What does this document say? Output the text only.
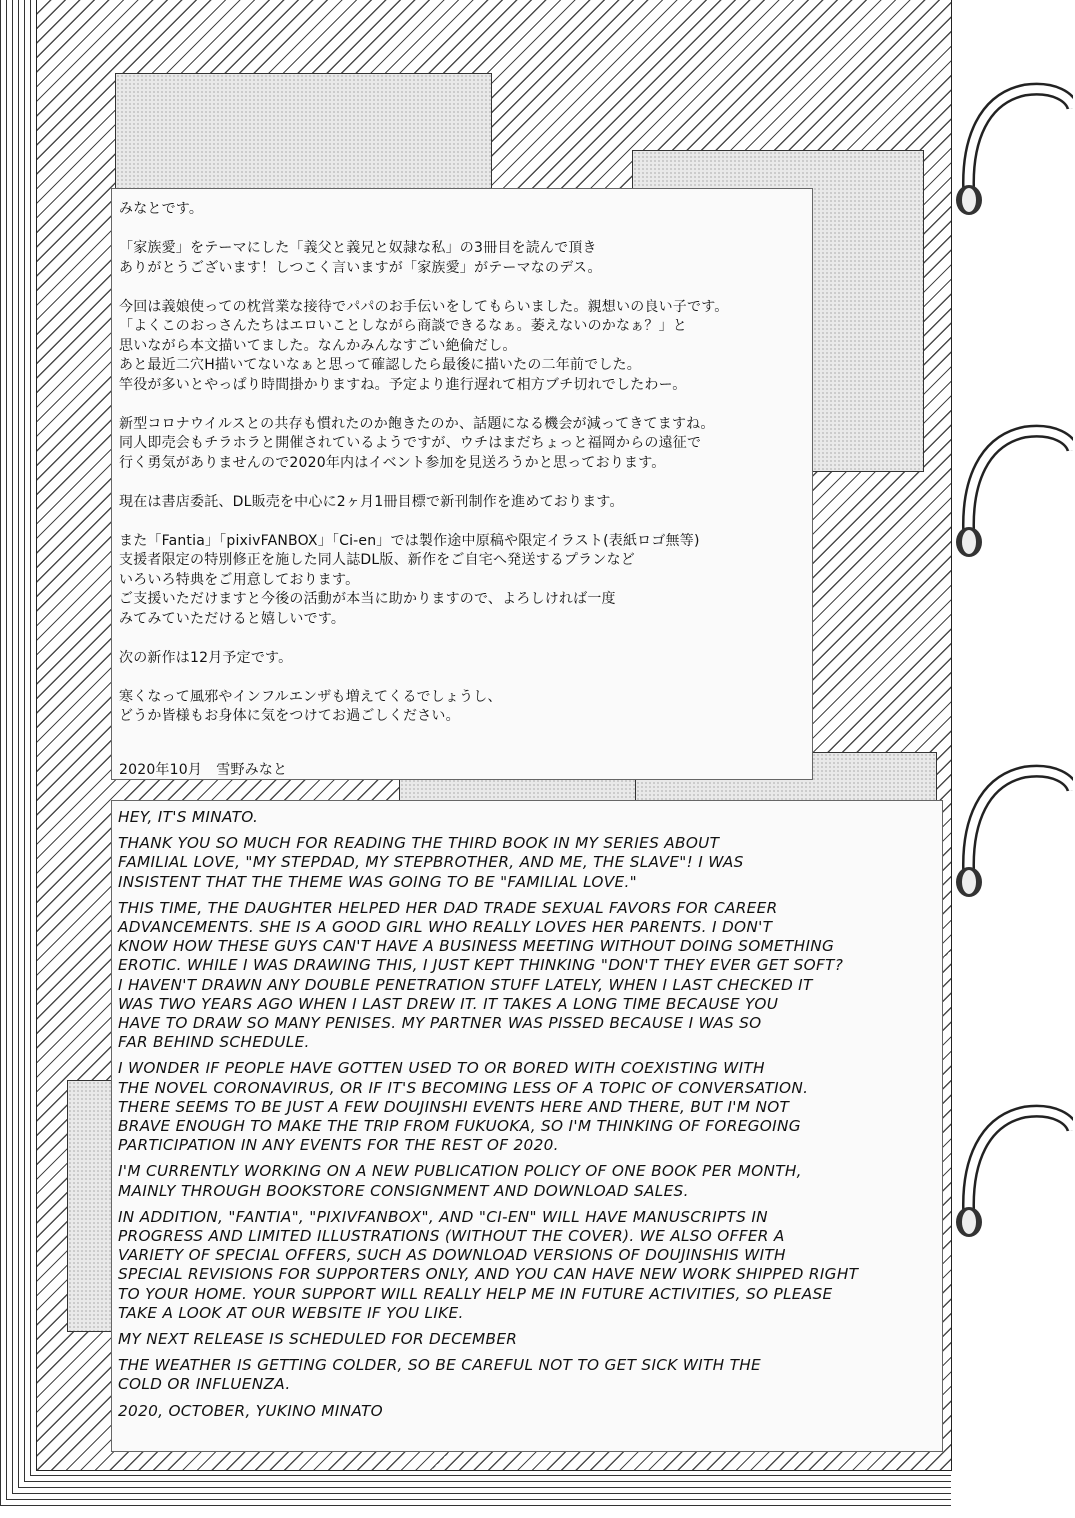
みなとです。

「家族愛」をテーマにした「義父と義兄と奴隷な私」の3冊目を読んで頂き
ありがとうございます！しつこく言いますが「家族愛」がテーマなのデス。

今回は義娘使っての枕営業な接待でパパのお手伝いをしてもらいました。親想いの良い子です。
「よくこのおっさんたちはエロいことしながら商談できるなぁ。萎えないのかなぁ？」と
思いながら本文描いてました。なんかみんなすごい絶倫だし。
あと最近二穴H描いてないなぁと思って確認したら最後に描いたの二年前でした。
竿役が多いとやっぱり時間掛かりますね。予定より進行遅れて相方ブチ切れでしたわー。

新型コロナウイルスとの共存も慣れたのか飽きたのか、話題になる機会が減ってきてますね。
同人即売会もチラホラと開催されているようですが、ウチはまだちょっと福岡からの遠征で
行く勇気がありませんので2020年内はイベント参加を見送ろうかと思っております。

現在は書店委託、DL販売を中心に2ヶ月1冊目標で新刊制作を進めております。

また「Fantia」「pixivFANBOX」「Ci-en」では製作途中原稿や限定イラスト(表紙ロゴ無等)
支援者限定の特別修正を施した同人誌DL版、新作をご自宅へ発送するプランなど
いろいろ特典をご用意しております。
ご支援いただけますと今後の活動が本当に助かりますので、よろしければ一度
みてみていただけると嬉しいです。

次の新作は12月予定です。

寒くなって風邪やインフルエンザも増えてくるでしょうし、
どうか皆様もお身体に気をつけてお過ごしください。

2020年10月　雪野みなと

HEY, IT'S MINATO.

THANK YOU SO MUCH FOR READING THE THIRD BOOK IN MY SERIES ABOUT
FAMILIAL LOVE, "MY STEPDAD, MY STEPBROTHER, AND ME, THE SLAVE"! I WAS
INSISTENT THAT THE THEME WAS GOING TO BE "FAMILIAL LOVE."

THIS TIME, THE DAUGHTER HELPED HER DAD TRADE SEXUAL FAVORS FOR CAREER
ADVANCEMENTS. SHE IS A GOOD GIRL WHO REALLY LOVES HER PARENTS. I DON'T
KNOW HOW THESE GUYS CAN'T HAVE A BUSINESS MEETING WITHOUT DOING SOMETHING
EROTIC. WHILE I WAS DRAWING THIS, I JUST KEPT THINKING "DON'T THEY EVER GET SOFT?
I HAVEN'T DRAWN ANY DOUBLE PENETRATION STUFF LATELY, WHEN I LAST CHECKED IT
WAS TWO YEARS AGO WHEN I LAST DREW IT. IT TAKES A LONG TIME BECAUSE YOU
HAVE TO DRAW SO MANY PENISES. MY PARTNER WAS PISSED BECAUSE I WAS SO
FAR BEHIND SCHEDULE.

I WONDER IF PEOPLE HAVE GOTTEN USED TO OR BORED WITH COEXISTING WITH
THE NOVEL CORONAVIRUS, OR IF IT'S BECOMING LESS OF A TOPIC OF CONVERSATION.
THERE SEEMS TO BE JUST A FEW DOUJINSHI EVENTS HERE AND THERE, BUT I'M NOT
BRAVE ENOUGH TO MAKE THE TRIP FROM FUKUOKA, SO I'M THINKING OF FOREGOING
PARTICIPATION IN ANY EVENTS FOR THE REST OF 2020.

I'M CURRENTLY WORKING ON A NEW PUBLICATION POLICY OF ONE BOOK PER MONTH,
MAINLY THROUGH BOOKSTORE CONSIGNMENT AND DOWNLOAD SALES.

IN ADDITION, "FANTIA", "PIXIVFANBOX", AND "CI-EN" WILL HAVE MANUSCRIPTS IN
PROGRESS AND LIMITED ILLUSTRATIONS (WITHOUT THE COVER). WE ALSO OFFER A
VARIETY OF SPECIAL OFFERS, SUCH AS DOWNLOAD VERSIONS OF DOUJINSHIS WITH
SPECIAL REVISIONS FOR SUPPORTERS ONLY, AND YOU CAN HAVE NEW WORK SHIPPED RIGHT
TO YOUR HOME. YOUR SUPPORT WILL REALLY HELP ME IN FUTURE ACTIVITIES, SO PLEASE
TAKE A LOOK AT OUR WEBSITE IF YOU LIKE.

MY NEXT RELEASE IS SCHEDULED FOR DECEMBER

THE WEATHER IS GETTING COLDER, SO BE CAREFUL NOT TO GET SICK WITH THE
COLD OR INFLUENZA.

2020, OCTOBER, YUKINO MINATO
